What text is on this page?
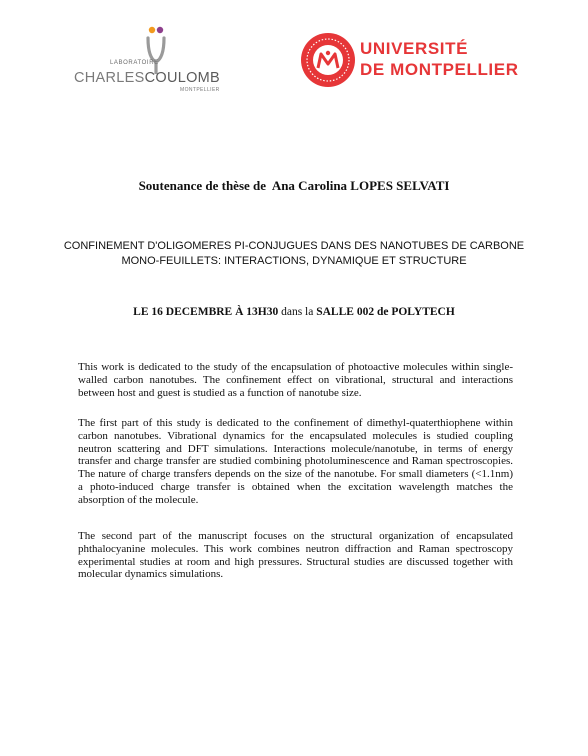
LABORATOIRE
CHARLESCOULOMB
MONTPELLIER
UNIVERSITÉ
DE MONTPELLIER
Soutenance de thèse de  Ana Carolina LOPES SELVATI
CONFINEMENT D'OLIGOMERES PI-CONJUGUES DANS DES NANOTUBES DE CARBONE MONO-FEUILLETS: INTERACTIONS, DYNAMIQUE ET STRUCTURE
LE 16 DECEMBRE À 13H30 dans la SALLE 002 de POLYTECH
This work is dedicated to the study of the encapsulation of photoactive molecules within single-walled carbon nanotubes. The confinement effect on vibrational, structural and interactions between host and guest is studied as a function of nanotube size.
The first part of this study is dedicated to the confinement of dimethyl-quaterthiophene within carbon nanotubes. Vibrational dynamics for the encapsulated molecules is studied coupling neutron scattering and DFT simulations. Interactions molecule/nanotube, in terms of energy transfer and charge transfer are studied combining photoluminescence and Raman spectroscopies. The nature of charge transfers depends on the size of the nanotube. For small diameters (<1.1nm) a photo-induced charge transfer is obtained when the excitation wavelength matches the absorption of the molecule.
The second part of the manuscript focuses on the structural organization of encapsulated phthalocyanine molecules. This work combines neutron diffraction and Raman spectroscopy experimental studies at room and high pressures. Structural studies are discussed together with molecular dynamics simulations.
